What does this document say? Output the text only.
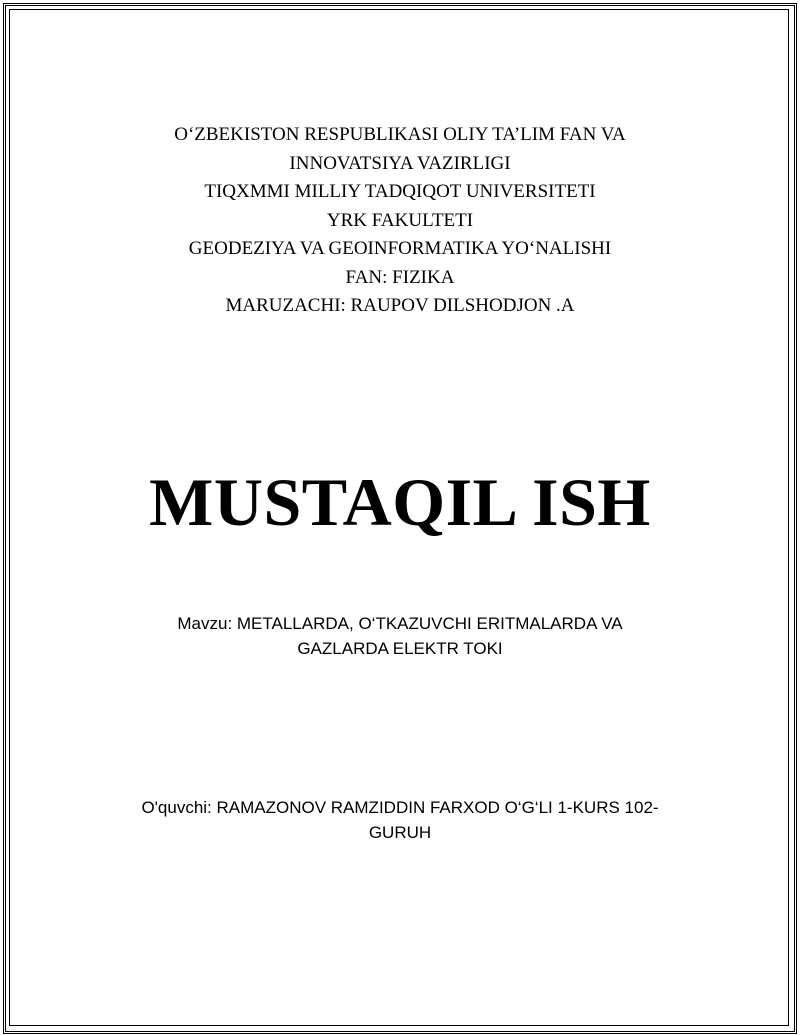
O‘ZBEKISTON RESPUBLIKASI OLIY TA’LIM FAN VA
INNOVATSIYA VAZIRLIGI
TIQXMMI MILLIY TADQIQOT UNIVERSITETI
YRK FAKULTETI
GEODEZIYA VA GEOINFORMATIKA YO‘NALISHI
FAN: FIZIKA
MARUZACHI: RAUPOV DILSHODJON .A
MUSTAQIL ISH
Mavzu: METALLARDA, O‘TKAZUVCHI ERITMALARDA VA
GAZLARDA ELEKTR TOKI
O'quvchi: RAMAZONOV RAMZIDDIN FARXOD O‘G‘LI 1-KURS 102-
GURUH
